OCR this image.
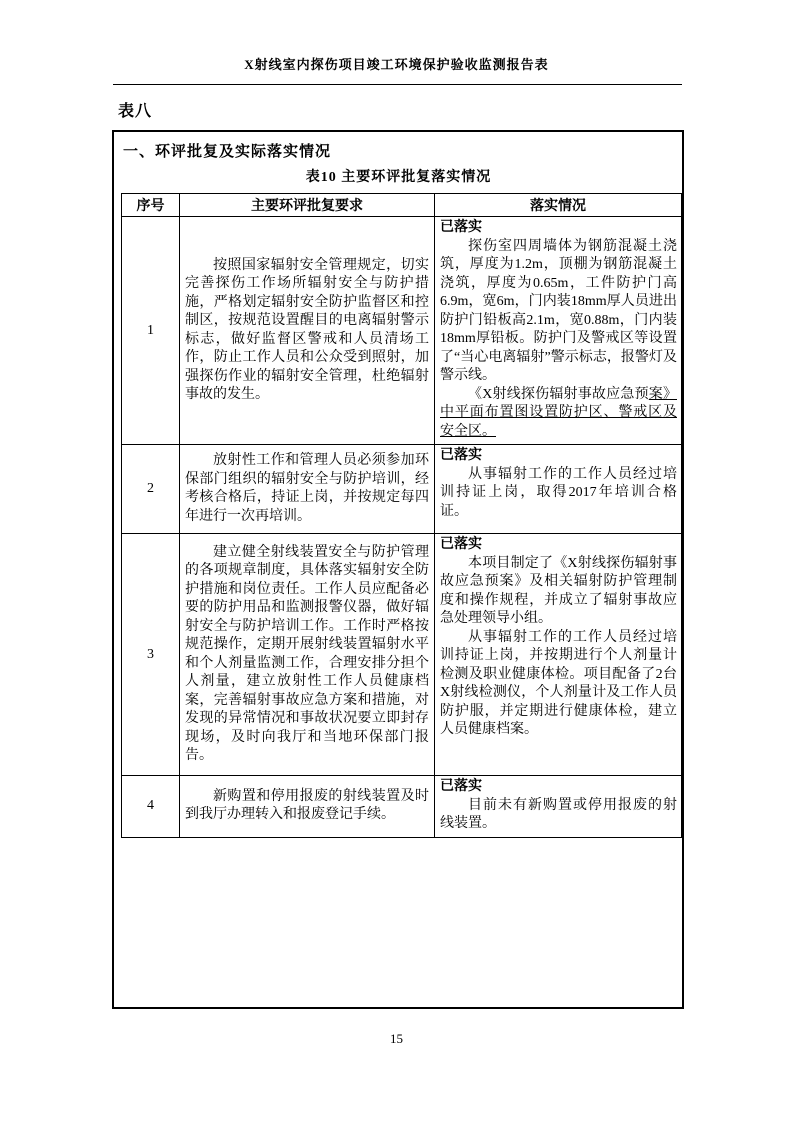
X射线室内探伤项目竣工环境保护验收监测报告表
表八
一、环评批复及实际落实情况
表10 主要环评批复落实情况
序号	主要环评批复要求	落实情况
1	按照国家辐射安全管理规定，切实完善探伤工作场所辐射安全与防护措施，严格划定辐射安全防护监督区和控制区，按规范设置醒目的电离辐射警示标志，做好监督区警戒和人员清场工作，防止工作人员和公众受到照射，加强探伤作业的辐射安全管理，杜绝辐射事故的发生。	已落实

探伤室四周墙体为钢筋混凝土浇筑，厚度为1.2m，顶棚为钢筋混凝土浇筑，厚度为0.65m，工件防护门高6.9m，宽6m，门内装18mm厚人员进出防护门铅板高2.1m，宽0.88m，门内装18mm厚铅板。防护门及警戒区等设置了“当心电离辐射”警示标志，报警灯及警示线。

《X射线探伤辐射事故应急预案》中平面布置图设置防护区、警戒区及安全区。

2	放射性工作和管理人员必须参加环保部门组织的辐射安全与防护培训，经考核合格后，持证上岗，并按规定每四年进行一次再培训。	已落实

从事辐射工作的工作人员经过培训持证上岗，取得2017年培训合格证。

3	建立健全射线装置安全与防护管理的各项规章制度，具体落实辐射安全防护措施和岗位责任。工作人员应配备必要的防护用品和监测报警仪器，做好辐射安全与防护培训工作。工作时严格按规范操作，定期开展射线装置辐射水平和个人剂量监测工作，合理安排分担个人剂量，建立放射性工作人员健康档案，完善辐射事故应急方案和措施，对发现的异常情况和事故状况要立即封存现场，及时向我厅和当地环保部门报告。	已落实

本项目制定了《X射线探伤辐射事故应急预案》及相关辐射防护管理制度和操作规程，并成立了辐射事故应急处理领导小组。

从事辐射工作的工作人员经过培训持证上岗，并按期进行个人剂量计检测及职业健康体检。项目配备了2台X射线检测仪，个人剂量计及工作人员防护服，并定期进行健康体检，建立人员健康档案。

4	新购置和停用报废的射线装置及时到我厅办理转入和报废登记手续。	已落实

目前未有新购置或停用报废的射线装置。

15
